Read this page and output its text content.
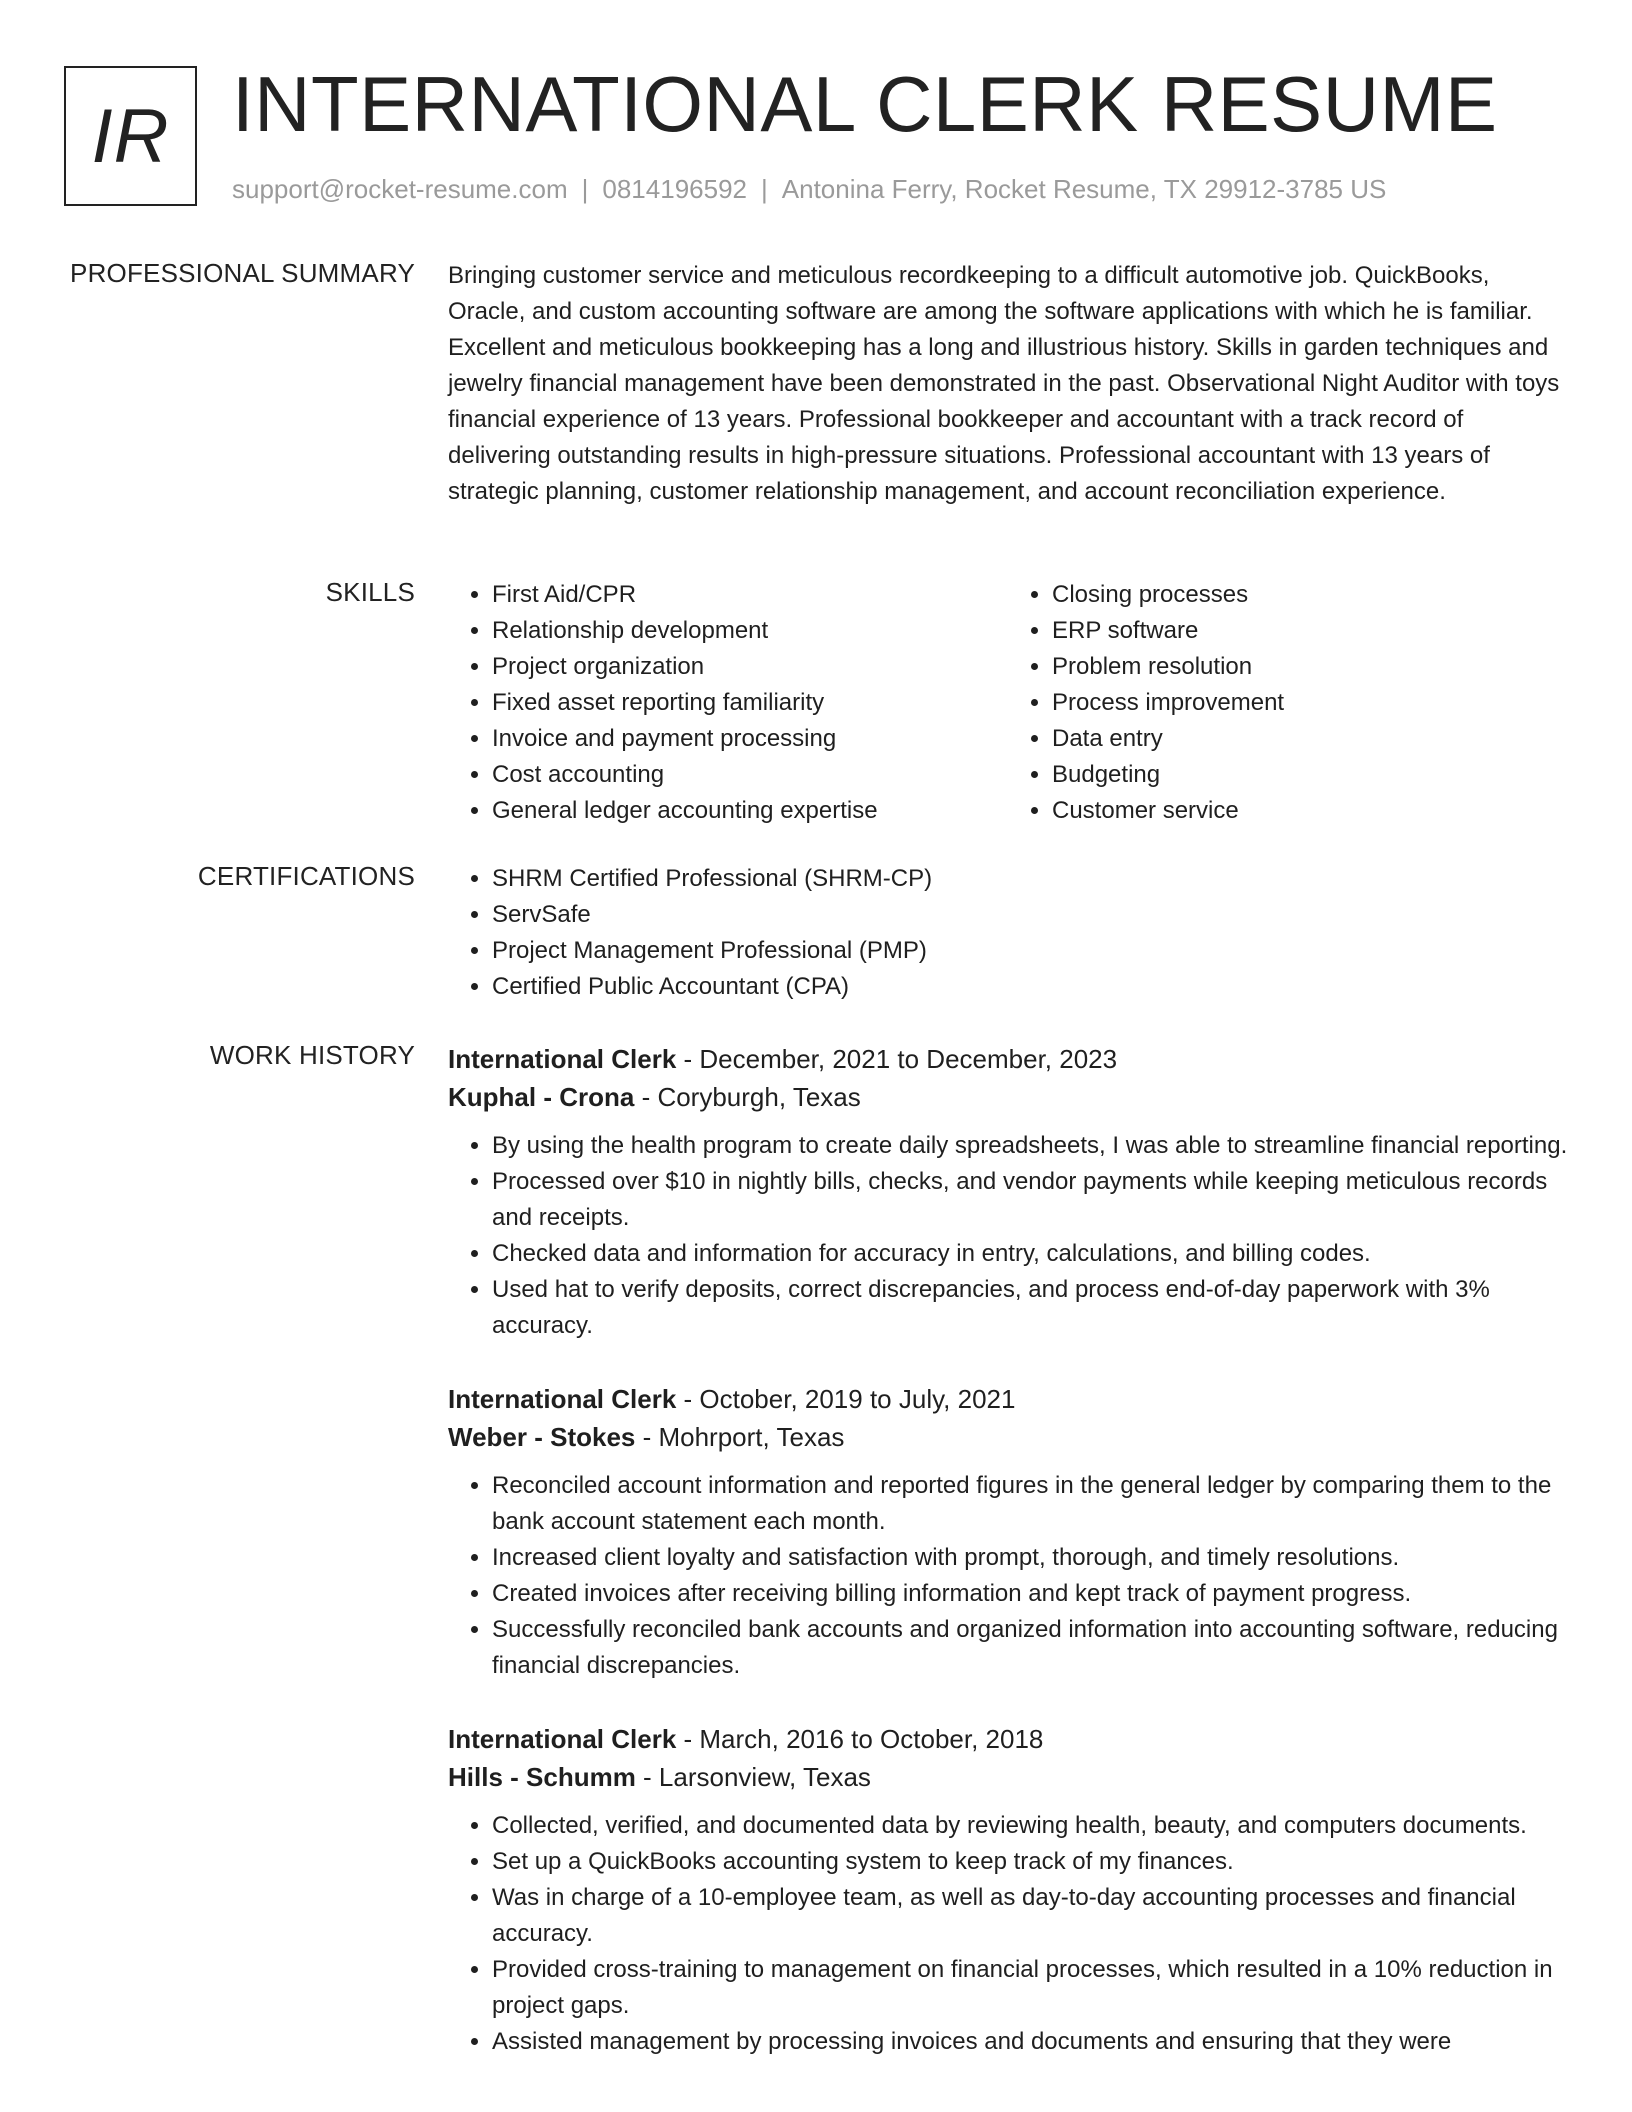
IR INTERNATIONAL CLERK RESUME
support@rocket-resume.com | 0814196592 | Antonina Ferry, Rocket Resume, TX 29912-3785 US
PROFESSIONAL SUMMARY Bringing customer service and meticulous recordkeeping to a difficult automotive job. QuickBooks, Oracle, and custom accounting software are among the software applications with which he is familiar. Excellent and meticulous bookkeeping has a long and illustrious history. Skills in garden techniques and jewelry financial management have been demonstrated in the past. Observational Night Auditor with toys financial experience of 13 years. Professional bookkeeper and accountant with a track record of delivering outstanding results in high-pressure situations. Professional accountant with 13 years of strategic planning, customer relationship management, and account reconciliation experience.

SKILLS	• First Aid/CPR
• Relationship development
• Project organization
• Fixed asset reporting familiarity
• Invoice and payment processing
• Cost accounting
• General ledger accounting expertise
• Closing processes
• ERP software
• Problem resolution
• Process improvement
• Data entry
• Budgeting
• Customer service
CERTIFICATIONS	• SHRM Certified Professional (SHRM-CP)
• ServSafe
• Project Management Professional (PMP)
• Certified Public Accountant (CPA)
WORK HISTORY International Clerk - December, 2021 to December, 2023
Kuphal - Crona - Coryburgh, Texas
• By using the health program to create daily spreadsheets, I was able to streamline financial reporting.
• Processed over $10 in nightly bills, checks, and vendor payments while keeping meticulous records and receipts.
• Checked data and information for accuracy in entry, calculations, and billing codes.
• Used hat to verify deposits, correct discrepancies, and process end-of-day paperwork with 3% accuracy.
International Clerk - October, 2019 to July, 2021
Weber - Stokes - Mohrport, Texas
• Reconciled account information and reported figures in the general ledger by comparing them to the bank account statement each month.
• Increased client loyalty and satisfaction with prompt, thorough, and timely resolutions.
• Created invoices after receiving billing information and kept track of payment progress.
• Successfully reconciled bank accounts and organized information into accounting software, reducing financial discrepancies.
International Clerk - March, 2016 to October, 2018
Hills - Schumm - Larsonview, Texas
• Collected, verified, and documented data by reviewing health, beauty, and computers documents.
• Set up a QuickBooks accounting system to keep track of my finances.
• Was in charge of a 10-employee team, as well as day-to-day accounting processes and financial accuracy.
• Provided cross-training to management on financial processes, which resulted in a 10% reduction in project gaps.
• Assisted management by processing invoices and documents and ensuring that they were
